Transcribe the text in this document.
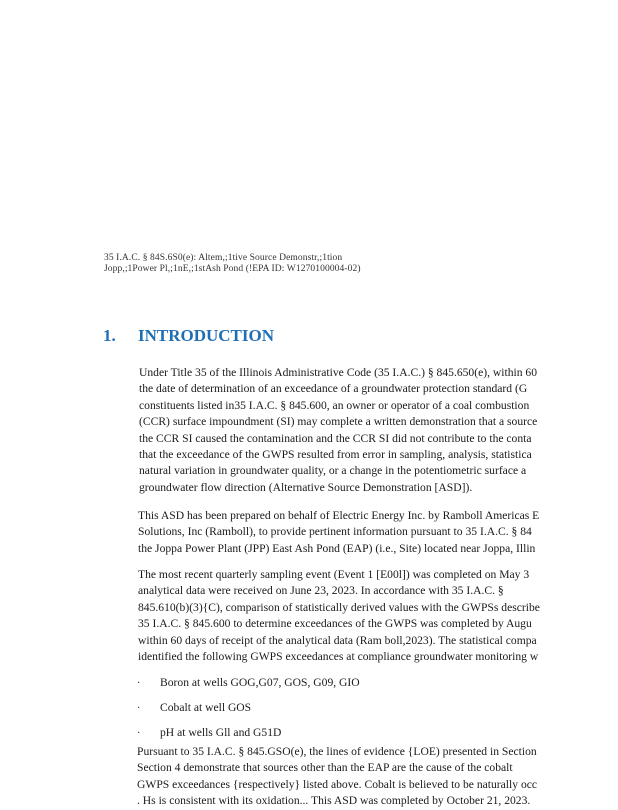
35 I.A.C. § 84S.6S0(e): Altem,;1tive Source Demonstr,;1tion
Jopp,;1Power Pl,;1nE,;1stAsh Pond (!EPA ID: W1270100004-02)
1. INTRODUCTION
Under Title 35 of the Illinois Administrative Code (35 I.A.C.) § 845.650(e), within 60
the date of determination of an exceedance of a groundwater protection standard (G
constituents listed in35 I.A.C. § 845.600, an owner or operator of a coal combustion
(CCR) surface impoundment (SI) may complete a written demonstration that a source
the CCR SI caused the contamination and the CCR SI did not contribute to the conta
that the exceedance of the GWPS resulted from error in sampling, analysis, statistica
natural variation in groundwater quality, or a change in the potentiometric surface a
groundwater flow direction (Alternative Source Demonstration [ASD]).
This ASD has been prepared on behalf of Electric Energy Inc. by Ramboll Americas E
Solutions, Inc (Ramboll), to provide pertinent information pursuant to 35 I.A.C. § 84
the Joppa Power Plant (JPP) East Ash Pond (EAP) (i.e., Site) located near Joppa, Illin
The most recent quarterly sampling event (Event 1 [E00l]) was completed on May 3
analytical data were received on June 23, 2023. In accordance with 35 I.A.C. §
845.610(b)(3){C), comparison of statistically derived values with the GWPSs describe
35 I.A.C. § 845.600 to determine exceedances of the GWPS was completed by Augu
within 60 days of receipt of the analytical data (Ram boll,2023). The statistical compa
identified the following GWPS exceedances at compliance groundwater monitoring w
· Boron at wells GOG,G07, GOS, G09, GIO
· Cobalt at well GOS
· pH at wells Gll and G51D
Pursuant to 35 I.A.C. § 845.GSO(e), the lines of evidence {LOE) presented in Section
Section 4 demonstrate that sources other than the EAP are the cause of the cobalt
GWPS exceedances {respectively} listed above. Cobalt is believed to be naturally occ
. Hs is consistent with its oxidation... This ASD was completed by October 21, 2023.
